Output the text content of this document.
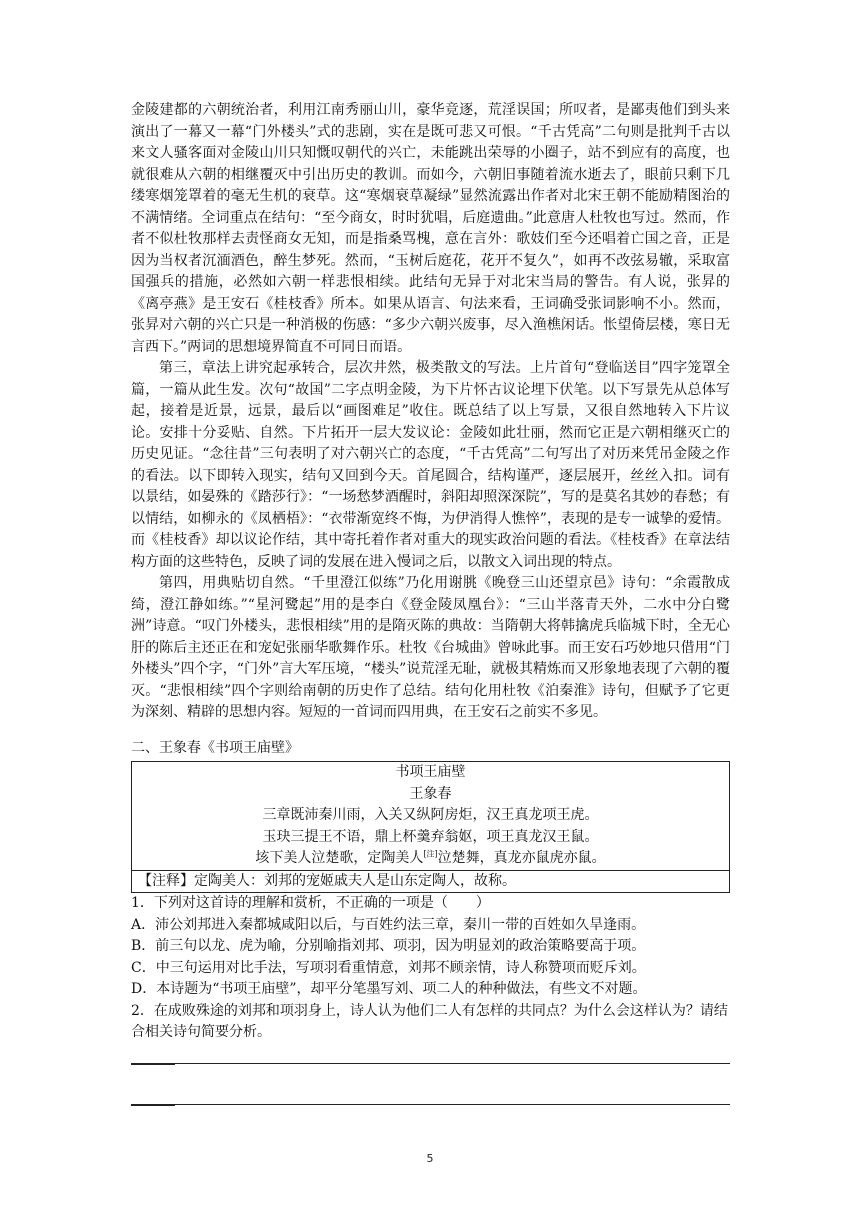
金陵建都的六朝统治者，利用江南秀丽山川，豪华竞逐，荒淫误国；所叹者，是鄙夷他们到头来演出了一幕又一幕“门外楼头”式的悲剧，实在是既可悲又可恨。“千古凭高”二句则是批判千古以来文人骚客面对金陵山川只知慨叹朝代的兴亡，未能跳出荣辱的小圈子，站不到应有的高度，也就很难从六朝的相继覆灭中引出历史的教训。而如今，六朝旧事随着流水逝去了，眼前只剩下几缕寒烟笼罩着的毫无生机的衰草。这“寒烟衰草凝绿”显然流露出作者对北宋王朝不能励精图治的不满情绪。全词重点在结句：“至今商女，时时犹唱，后庭遗曲。”此意唐人杜牧也写过。然而，作者不似杜牧那样去责怪商女无知，而是指桑骂槐，意在言外：歌妓们至今还唱着亡国之音，正是因为当权者沉湎酒色，醉生梦死。然而，“玉树后庭花，花开不复久”，如再不改弦易辙，采取富国强兵的措施，必然如六朝一样悲恨相续。此结句无异于对北宋当局的警告。有人说，张昇的《离亭燕》是王安石《桂枝香》所本。如果从语言、句法来看，王词确受张词影响不小。然而，张昇对六朝的兴亡只是一种消极的伤感：“多少六朝兴废事，尽入渔樵闲话。怅望倚层楼，寒日无言西下。”两词的思想境界简直不可同日而语。

第三，章法上讲究起承转合，层次井然，极类散文的写法。上片首句“登临送目”四字笼罩全篇，一篇从此生发。次句“故国”二字点明金陵，为下片怀古议论埋下伏笔。以下写景先从总体写起，接着是近景，远景，最后以“画图难足”收住。既总结了以上写景，又很自然地转入下片议论。安排十分妥贴、自然。下片拓开一层大发议论：金陵如此壮丽，然而它正是六朝相继灭亡的历史见证。“念往昔”三句表明了对六朝兴亡的态度，“千古凭高”二句写出了对历来凭吊金陵之作的看法。以下即转入现实，结句又回到今天。首尾圆合，结构谨严，逐层展开，丝丝入扣。词有以景结，如晏殊的《踏莎行》：“一场愁梦酒醒时，斜阳却照深深院”，写的是莫名其妙的春愁；有以情结，如柳永的《凤栖梧》：“衣带渐宽终不悔，为伊消得人憔悴”，表现的是专一诚挚的爱情。而《桂枝香》却以议论作结，其中寄托着作者对重大的现实政治问题的看法。《桂枝香》在章法结构方面的这些特色，反映了词的发展在进入慢词之后，以散文入词出现的特点。

第四，用典贴切自然。“千里澄江似练”乃化用谢朓《晚登三山还望京邑》诗句：“余霞散成绮，澄江静如练。”“星河鹭起”用的是李白《登金陵凤凰台》：“三山半落青天外，二水中分白鹭洲”诗意。“叹门外楼头，悲恨相续”用的是隋灭陈的典故：当隋朝大将韩擒虎兵临城下时，全无心肝的陈后主还正在和宠妃张丽华歌舞作乐。杜牧《台城曲》曾咏此事。而王安石巧妙地只借用“门外楼头”四个字，“门外”言大军压境，“楼头”说荒淫无耻，就极其精炼而又形象地表现了六朝的覆灭。“悲恨相续”四个字则给南朝的历史作了总结。结句化用杜牧《泊秦淮》诗句，但赋予了它更为深刻、精辟的思想内容。短短的一首词而四用典，在王安石之前实不多见。

二、王象春《书项王庙壁》
书项王庙壁
王象春
三章既沛秦川雨，入关又纵阿房炬，汉王真龙项王虎。
玉玦三提王不语，鼎上杯羹弃翁妪，项王真龙汉王鼠。
垓下美人泣楚歌，定陶美人[注]泣楚舞，真龙亦鼠虎亦鼠。

【注释】定陶美人：刘邦的宠姬戚夫人是山东定陶人，故称。

1．下列对这首诗的理解和赏析，不正确的一项是（　　）

A．沛公刘邦进入秦都城咸阳以后，与百姓约法三章，秦川一带的百姓如久旱逢雨。

B．前三句以龙、虎为喻，分别喻指刘邦、项羽，因为明显刘的政治策略要高于项。

C．中三句运用对比手法，写项羽看重情意，刘邦不顾亲情，诗人称赞项而贬斥刘。

D．本诗题为“书项王庙壁”，却平分笔墨写刘、项二人的种种做法，有些文不对题。

2．在成败殊途的刘邦和项羽身上，诗人认为他们二人有怎样的共同点？为什么会这样认为？请结合相关诗句简要分析。

5
